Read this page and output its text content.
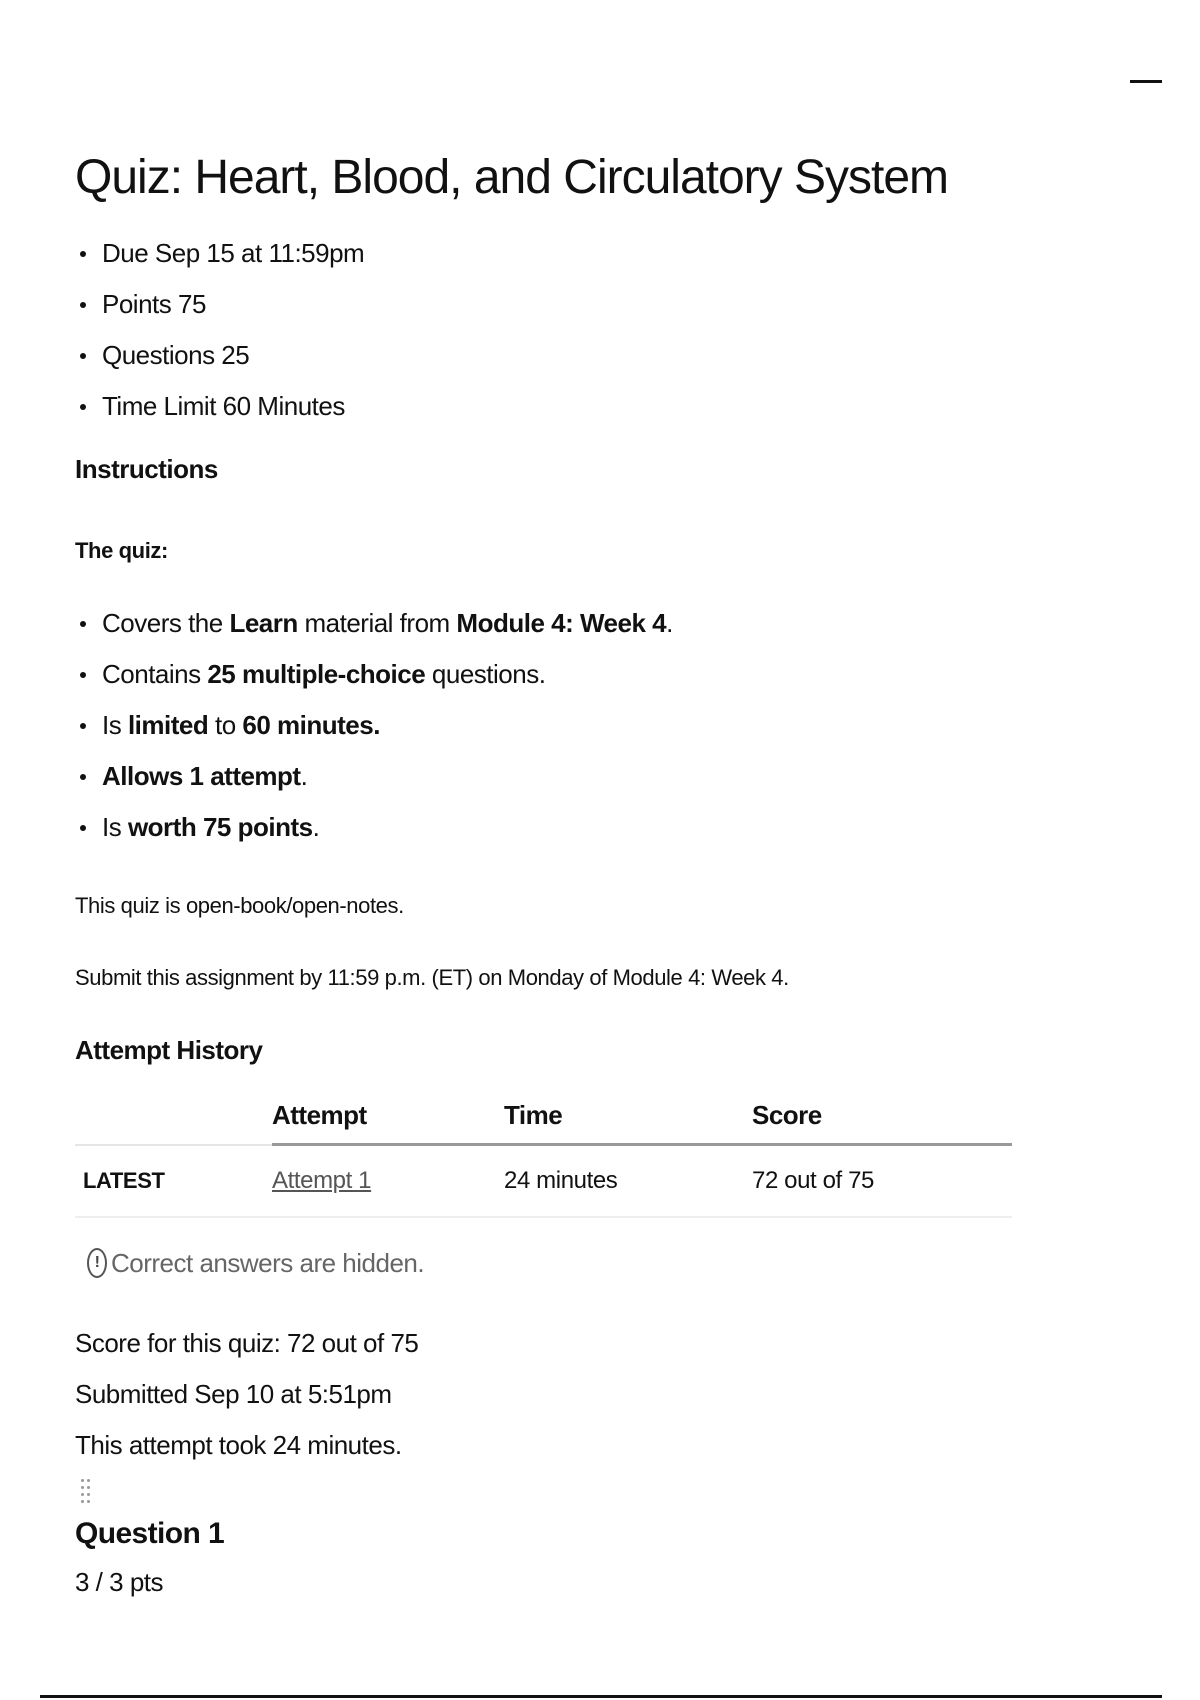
Quiz: Heart, Blood, and Circulatory System
Due Sep 15 at 11:59pm
Points 75
Questions 25
Time Limit 60 Minutes
Instructions
The quiz:
Covers the Learn material from Module 4: Week 4.
Contains 25 multiple-choice questions.
Is limited to 60 minutes.
Allows 1 attempt.
Is worth 75 points.

This quiz is open-book/open-notes.

Submit this assignment by 11:59 p.m. (ET) on Monday of Module 4: Week 4.

Attempt History
	Attempt	Time	Score
LATEST	Attempt 1	24 minutes	72 out of 75
! Correct answers are hidden.
Score for this quiz: 72 out of 75
Submitted Sep 10 at 5:51pm
This attempt took 24 minutes.
Question 1
3 / 3 pts
